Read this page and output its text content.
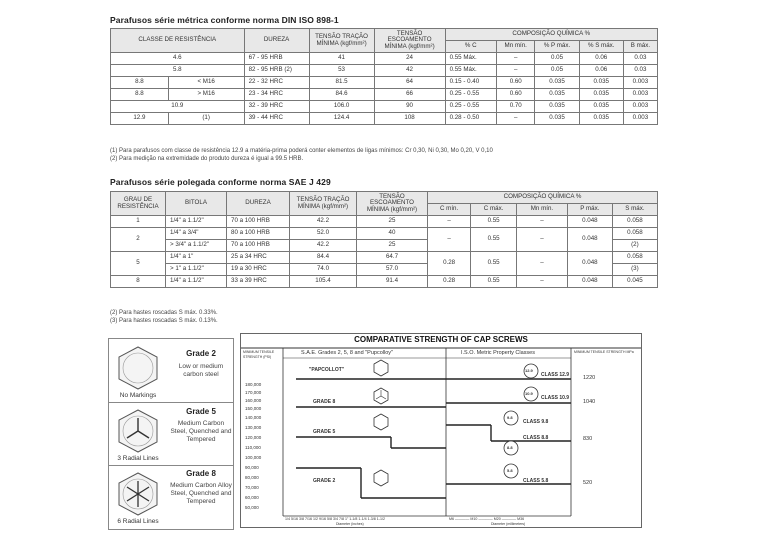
Parafusos série métrica conforme norma DIN ISO 898-1
CLASSE DE RESISTÊNCIA		DUREZA	TENSÃO TRAÇÃO MÍNIMA (kgf/mm²)	TENSÃO ESCOAMENTO MÍNIMA (kgf/mm²)	COMPOSIÇÃO QUÍMICA %				
					% C	Mn mín.	% P máx.	% S máx.	B máx.
4.6		67 - 95 HRB	41	24	0.55 Máx.	–	0.05	0.06	0.03
5.8		82 - 95 HRB (2)	53	42	0.55 Máx.	–	0.05	0.06	0.03
8.8	< M16	22 - 32 HRC	81.5	64	0.15 - 0.40	0.60	0.035	0.035	0.003
8.8	> M16	23 - 34 HRC	84.6	66	0.25 - 0.55	0.60	0.035	0.035	0.003
10.9		32 - 39 HRC	106.0	90	0.25 - 0.55	0.70	0.035	0.035	0.003
12.9	(1)	39 - 44 HRC	124.4	108	0.28 - 0.50	–	0.035	0.035	0.003
(1) Para parafusos com classe de resistência 12.9 a matéria-prima poderá conter elementos de ligas mínimos: Cr 0,30, Ni 0,30, Mo 0,20, V 0,10
(2) Para medição na extremidade do produto dureza é igual a 99.5 HRB.
Parafusos série polegada conforme norma SAE J 429
GRAU DE RESISTÊNCIA	BITOLA	DUREZA	TENSÃO TRAÇÃO MÍNIMA (kgf/mm²)	TENSÃO ESCOAMENTO MÍNIMA (kgf/mm²)	COMPOSIÇÃO QUÍMICA %				
					C mín.	C máx.	Mn mín.	P máx.	S máx.
1	1/4" a 1.1/2"	70 a 100 HRB	42.2	25	–	0.55	–	0.048	0.058
2	1/4" a 3/4"	80 a 100 HRB	52.0	40	–	0.55	–	0.048	0.058
	> 3/4" a 1.1/2"	70 a 100 HRB	42.2	25					(2)
5	1/4" a 1"	25 a 34 HRC	84.4	64.7	0.28	0.55	–	0.048	0.058
	> 1" a 1.1/2"	19 a 30 HRC	74.0	57.0					(3)
8	1/4" a 1.1/2"	33 a 39 HRC	105.4	91.4	0.28	0.55	–	0.048	0.045
(2) Para hastes roscadas S máx. 0.33%.
(3) Para hastes roscadas S máx. 0.13%.
No Markings
Grade 2
Low or medium carbon steel
3 Radial Lines
Grade 5
Medium Carbon Steel, Quenched and Tempered
6 Radial Lines
Grade 8
Medium Carbon Alloy Steel, Quenched and Tempered
COMPARATIVE STRENGTH OF CAP SCREWS
MINIMUM TENSILE STRENGTH (PSI)
S.A.E. Grades 2, 5, 8 and "Pupcolloy"	I.S.O. Metric Property Classes	MINIMUM TENSILE STRENGTH MPa
180,000
170,000
160,000
150,000
140,000
130,000
120,000
110,000
100,000
90,000
80,000
70,000
60,000
50,000
1220
1040
830
520
"PAPCOLLOT"
GRADE 8
GRADE 5
GRADE 2
12.9
10.9
9.8
8.8
5.8
CLASS 12.9
CLASS 10.9
CLASS 9.8
CLASS 8.8
CLASS 5.8
1/4 5/16 3/8 7/16 1/2 9/16 5/8 3/4 7/8 1" 1-1/8 1-1/4 1-3/8 1-1/2
Diameter (inches)
M6 ———— M10 ———— M20 ———— M36
Diameter (millimeters)
